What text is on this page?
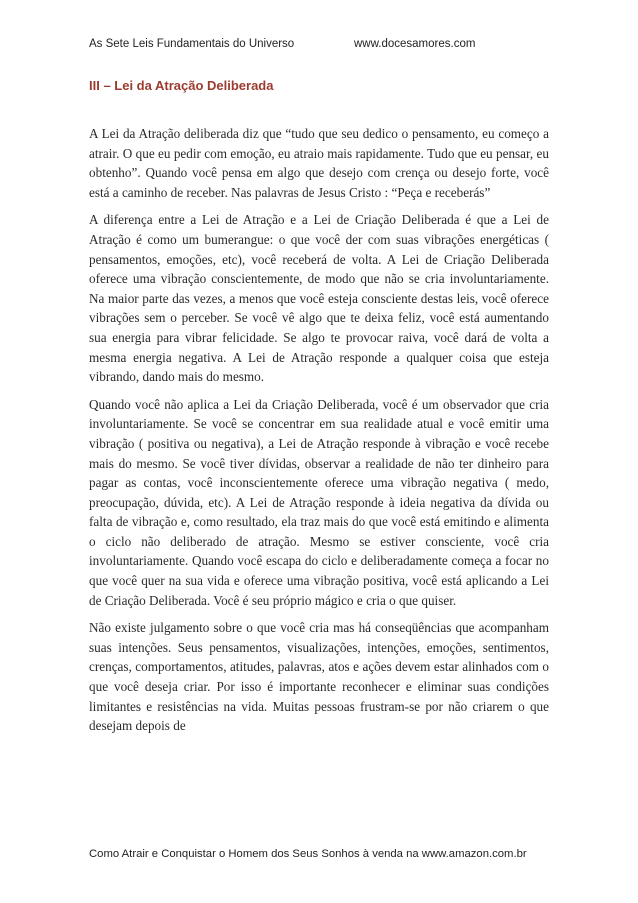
As Sete Leis Fundamentais do Universo	www.docesamores.com
III – Lei da Atração Deliberada

A Lei da Atração deliberada diz que “tudo que seu dedico o pensamento, eu começo a atrair. O que eu pedir com emoção, eu atraio mais rapidamente. Tudo que eu pensar, eu obtenho”. Quando você pensa em algo que desejo com crença ou desejo forte, você está a caminho de receber. Nas palavras de Jesus Cristo : “Peça e receberás”

A diferença entre a Lei de Atração e a Lei de Criação Deliberada é que a Lei de Atração é como um bumerangue: o que você der com suas vibrações energéticas ( pensamentos, emoções, etc), você receberá de volta. A Lei de Criação Deliberada oferece uma vibração conscientemente, de modo que não se cria involuntariamente. Na maior parte das vezes, a menos que você esteja consciente destas leis, você oferece vibrações sem o perceber. Se você vê algo que te deixa feliz, você está aumentando sua energia para vibrar felicidade. Se algo te provocar raiva, você dará de volta a mesma energia negativa. A Lei de Atração responde a qualquer coisa que esteja vibrando, dando mais do mesmo.

Quando você não aplica a Lei da Criação Deliberada, você é um observador que cria involuntariamente. Se você se concentrar em sua realidade atual e você emitir uma vibração ( positiva ou negativa), a Lei de Atração responde à vibração e você recebe mais do mesmo. Se você tiver dívidas, observar a realidade de não ter dinheiro para pagar as contas, você inconscientemente oferece uma vibração negativa ( medo, preocupação, dúvida, etc). A Lei de Atração responde à ideia negativa da dívida ou falta de vibração e, como resultado, ela traz mais do que você está emitindo e alimenta o ciclo não deliberado de atração. Mesmo se estiver consciente, você cria involuntariamente. Quando você escapa do ciclo e deliberadamente começa a focar no que você quer na sua vida e oferece uma vibração positiva, você está aplicando a Lei de Criação Deliberada. Você é seu próprio mágico e cria o que quiser.

Não existe julgamento sobre o que você cria mas há conseqüências que acompanham suas intenções. Seus pensamentos, visualizações, intenções, emoções, sentimentos, crenças, comportamentos, atitudes, palavras, atos e ações devem estar alinhados com o que você deseja criar. Por isso é importante reconhecer e eliminar suas condições limitantes e resistências na vida. Muitas pessoas frustram-se por não criarem o que desejam depois de

Como Atrair e Conquistar o Homem dos Seus Sonhos à venda na www.amazon.com.br
